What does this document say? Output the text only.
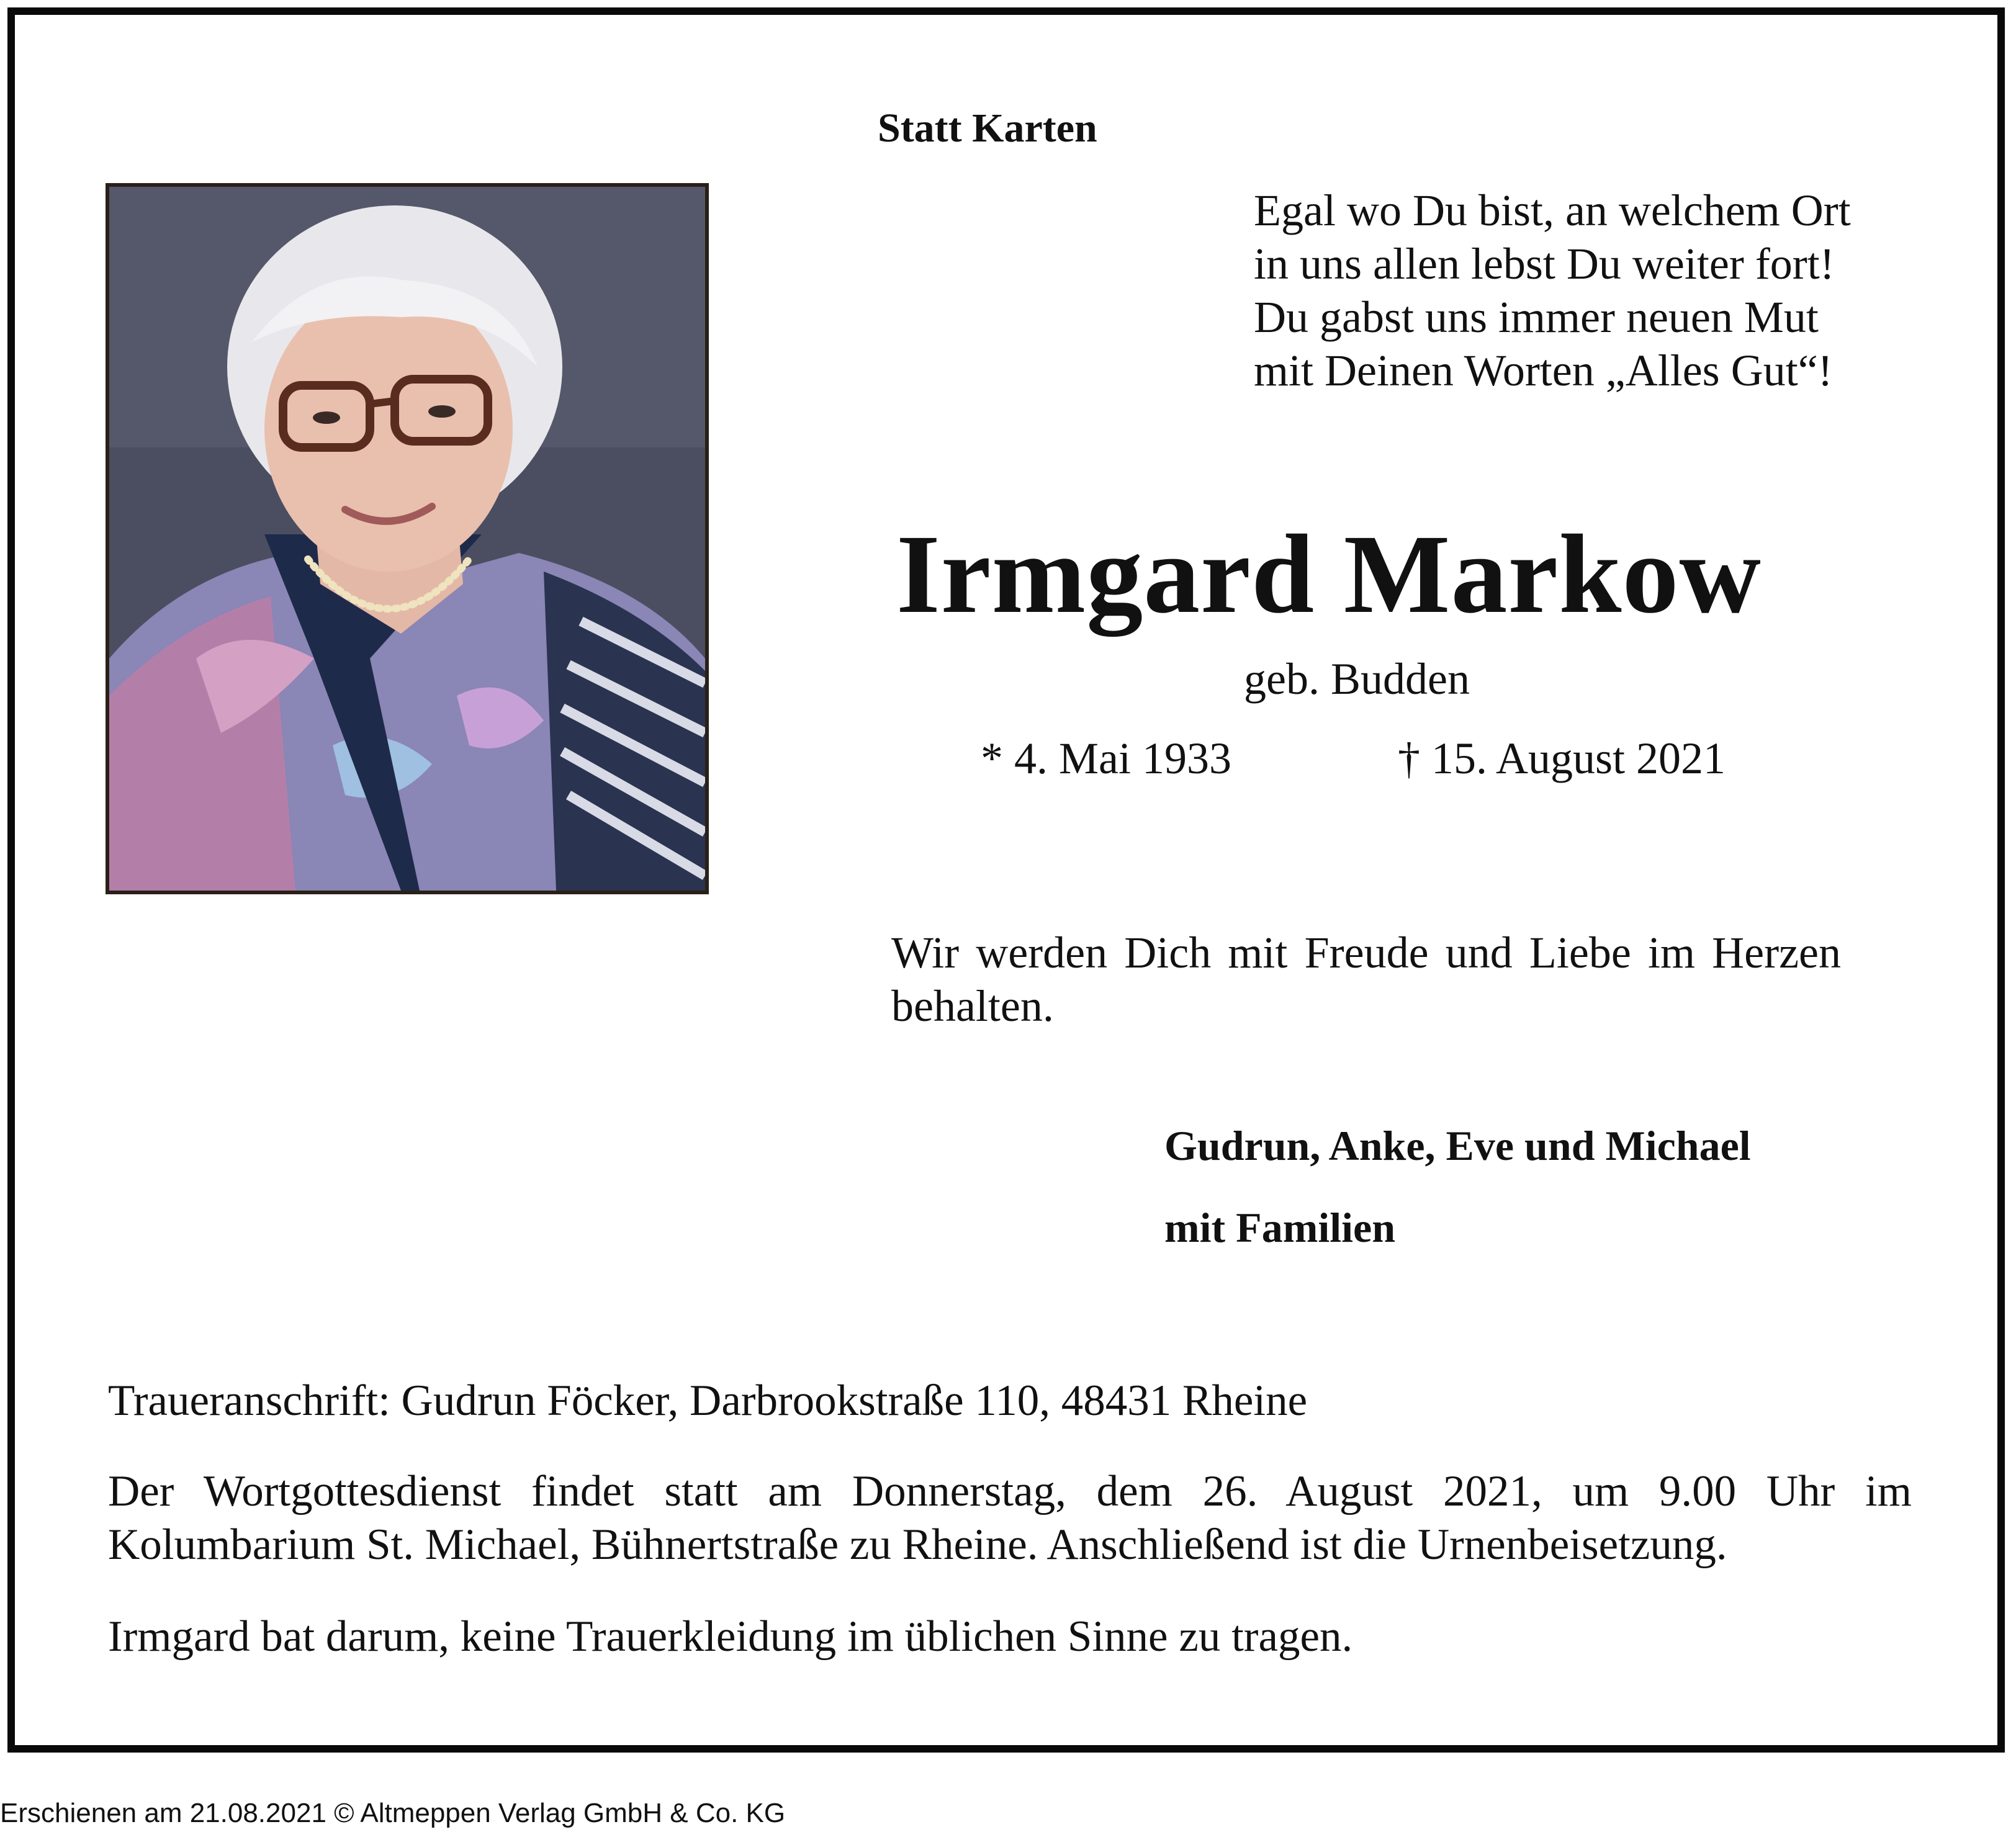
Statt Karten
Egal wo Du bist, an welchem Ort
in uns allen lebst Du weiter fort!
Du gabst uns immer neuen Mut
mit Deinen Worten „Alles Gut“!
Irmgard Markow
geb. Budden
* 4. Mai 1933	† 15. August 2021
Wir werden Dich mit Freude und Liebe im Herzen behalten.
Gudrun, Anke, Eve und Michael
mit Familien
Traueranschrift: Gudrun Föcker, Darbrookstraße 110, 48431 Rheine
Der Wortgottesdienst findet statt am Donnerstag, dem 26. August 2021, um 9.00 Uhr im Kolumbarium St. Michael, Bühnertstraße zu Rheine. Anschließend ist die Urnenbeisetzung.
Irmgard bat darum, keine Trauerkleidung im üblichen Sinne zu tragen.
Erschienen am 21.08.2021 © Altmeppen Verlag GmbH & Co. KG
